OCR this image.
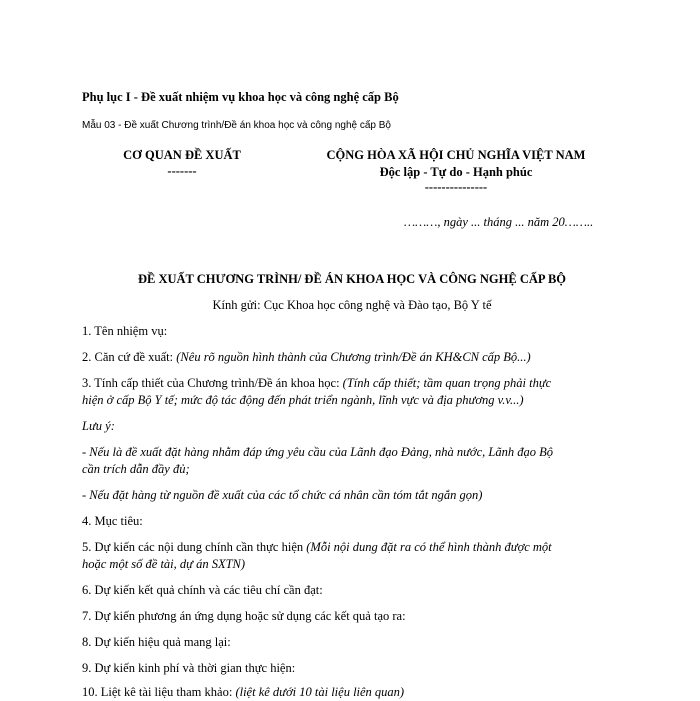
Phụ lục I - Đề xuất nhiệm vụ khoa học và công nghệ cấp Bộ
Mẫu 03 - Đề xuất Chương trình/Đề án khoa học và công nghệ cấp Bộ
CƠ QUAN ĐỀ XUẤT
-------
CỘNG HÒA XÃ HỘI CHỦ NGHĨA VIỆT NAM
Độc lập - Tự do - Hạnh phúc
---------------
………, ngày ... tháng ... năm 20……..
ĐỀ XUẤT CHƯƠNG TRÌNH/ ĐỀ ÁN KHOA HỌC VÀ CÔNG NGHỆ CẤP BỘ
Kính gửi: Cục Khoa học công nghệ và Đào tạo, Bộ Y tế
1. Tên nhiệm vụ:
2. Căn cứ đề xuất: (Nêu rõ nguồn hình thành của Chương trình/Đề án KH&CN cấp Bộ...)
3. Tính cấp thiết của Chương trình/Đề án khoa học: (Tính cấp thiết; tầm quan trọng phải thực
hiện ở cấp Bộ Y tế; mức độ tác động đến phát triển ngành, lĩnh vực và địa phương v.v...)
Lưu ý:
- Nếu là đề xuất đặt hàng nhằm đáp ứng yêu cầu của Lãnh đạo Đảng, nhà nước, Lãnh đạo Bộ
cần trích dẫn đầy đủ;
- Nếu đặt hàng từ nguồn đề xuất của các tổ chức cá nhân cần tóm tắt ngắn gọn)
4. Mục tiêu:
5. Dự kiến các nội dung chính cần thực hiện (Mỗi nội dung đặt ra có thể hình thành được một
hoặc một số đề tài, dự án SXTN)
6. Dự kiến kết quả chính và các tiêu chí cần đạt:
7. Dự kiến phương án ứng dụng hoặc sử dụng các kết quả tạo ra:
8. Dự kiến hiệu quả mang lại:
9. Dự kiến kinh phí và thời gian thực hiện:
10. Liệt kê tài liệu tham khảo: (liệt kê dưới 10 tài liệu liên quan)
